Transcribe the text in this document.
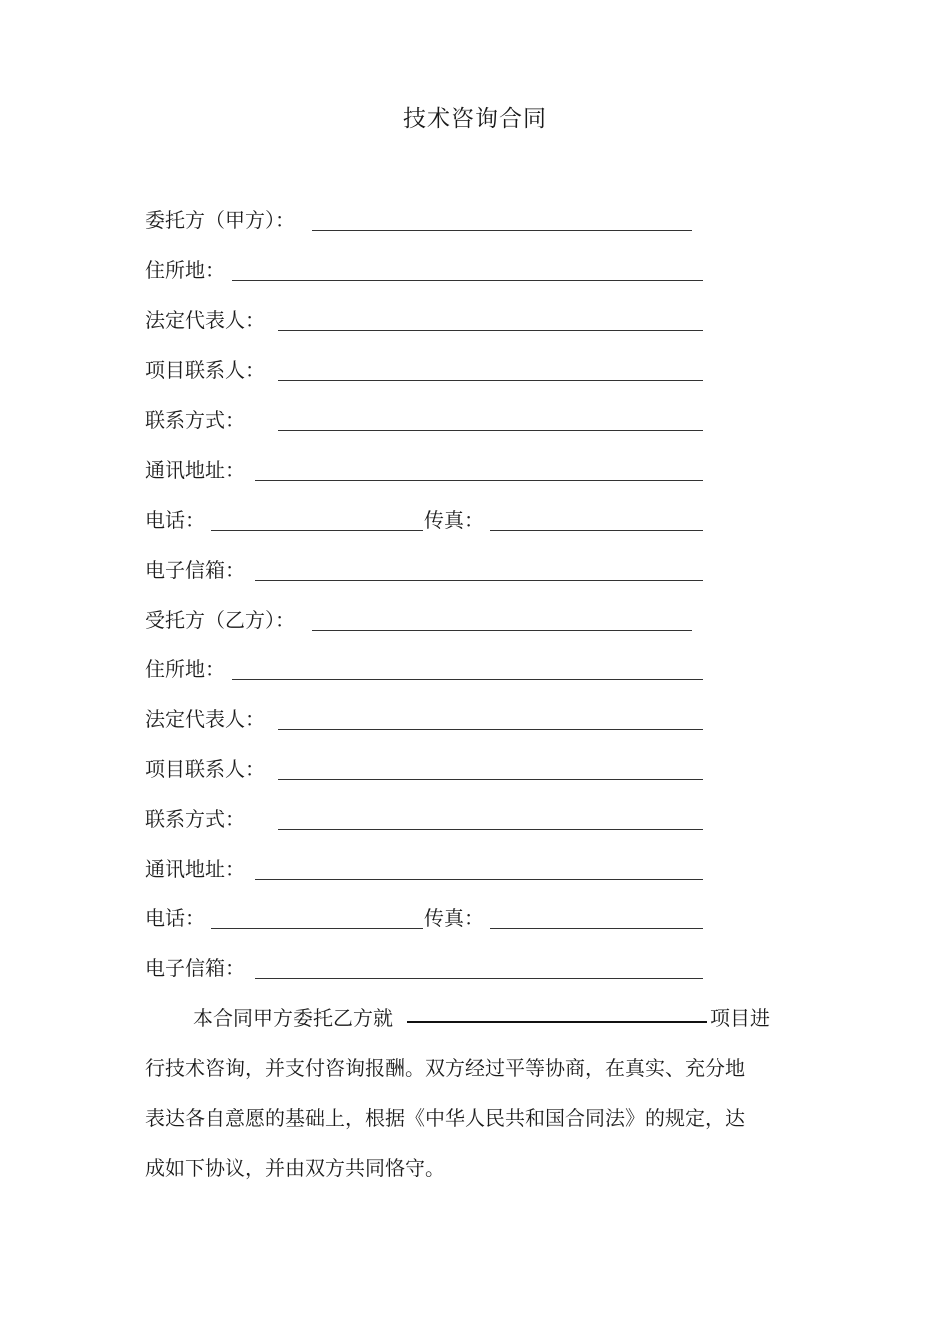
技术咨询合同
委托方（甲方）：
住所地：
法定代表人：
项目联系人：
联系方式：
通讯地址：
电话：	传真：
电子信箱：
受托方（乙方）：
住所地：
法定代表人：
项目联系人：
联系方式：
通讯地址：
电话：	传真：
电子信箱：
本合同甲方委托乙方就	项目进
行技术咨询，并支付咨询报酬。双方经过平等协商，在真实、充分地
表达各自意愿的基础上，根据《中华人民共和国合同法》的规定，达
成如下协议，并由双方共同恪守。
